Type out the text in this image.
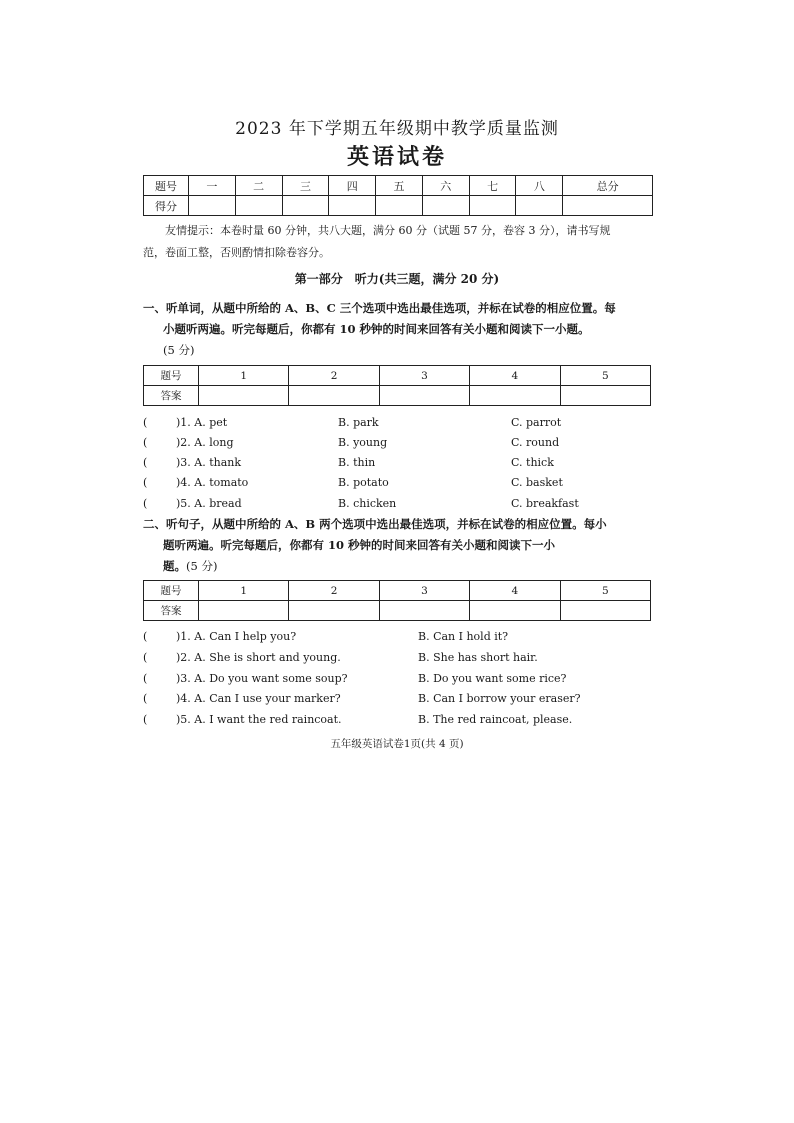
2023 年下学期五年级期中教学质量监测
英语试卷
题号	一	二	三	四	五	六	七	八	总分
得分									
友情提示：本卷时量 60 分钟，共八大题，满分 60 分（试题 57 分，卷容 3 分），请书写规
范，卷面工整，否则酌情扣除卷容分。
第一部分　听力(共三题，满分 20 分)
一、听单词，从题中所给的 A、B、C 三个选项中选出最佳选项，并标在试卷的相应位置。每
小题听两遍。听完每题后，你都有 10 秒钟的时间来回答有关小题和阅读下一小题。
(5 分)
题号	1	2	3	4	5
答案					
(	)1. A. pet	B. park	C. parrot
(	)2. A. long	B. young	C. round
(	)3. A. thank	B. thin	C. thick
(	)4. A. tomato	B. potato	C. basket
(	)5. A. bread	B. chicken	C. breakfast
二、听句子，从题中所给的 A、B 两个选项中选出最佳选项，并标在试卷的相应位置。每小
题听两遍。听完每题后，你都有 10 秒钟的时间来回答有关小题和阅读下一小
题。(5 分)
题号	1	2	3	4	5
答案					
(	)1. A. Can I help you?	B. Can I hold it?
(	)2. A. She is short and young.	B. She has short hair.
(	)3. A. Do you want some soup?	B. Do you want some rice?
(	)4. A. Can I use your marker?	B. Can I borrow your eraser?
(	)5. A. I want the red raincoat.	B. The red raincoat, please.
五年级英语试卷1页(共 4 页)
